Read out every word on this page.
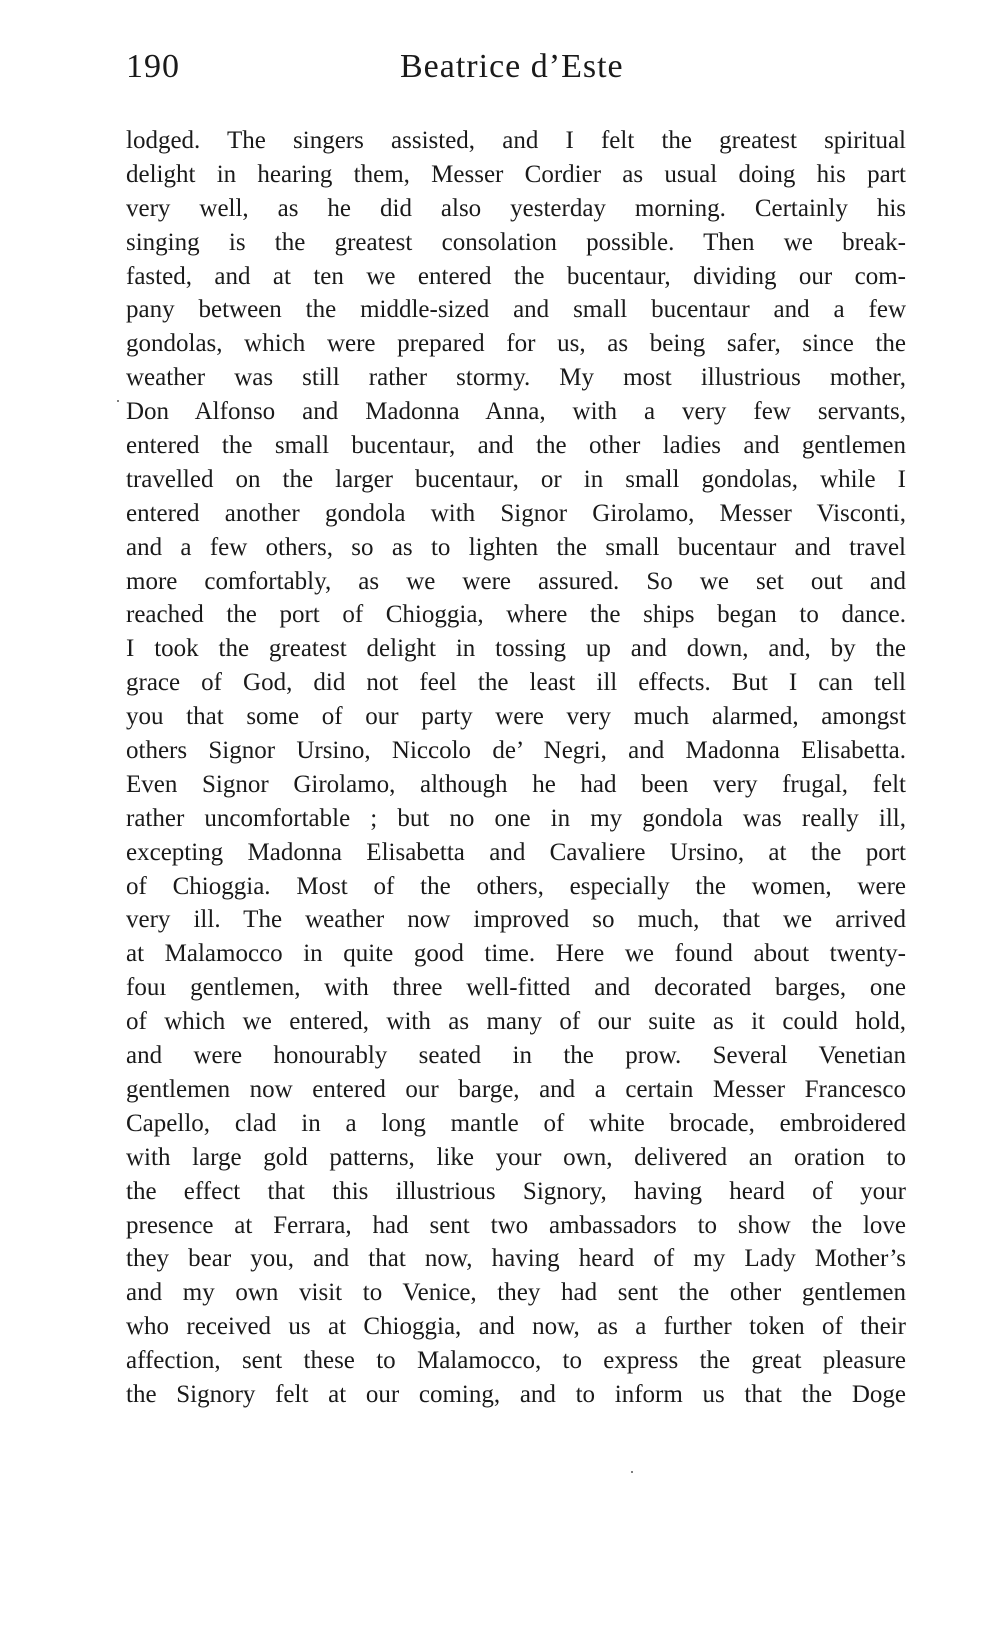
190	Beatrice d’Este
lodged. The singers assisted, and I felt the greatest spiritual
delight in hearing them, Messer Cordier as usual doing his part
very well, as he did also yesterday morning. Certainly his
singing is the greatest consolation possible. Then we break-
fasted, and at ten we entered the bucentaur, dividing our com-
pany between the middle-sized and small bucentaur and a few
gondolas, which were prepared for us, as being safer, since the
weather was still rather stormy. My most illustrious mother,
Don Alfonso and Madonna Anna, with a very few servants,
entered the small bucentaur, and the other ladies and gentlemen
travelled on the larger bucentaur, or in small gondolas, while I
entered another gondola with Signor Girolamo, Messer Visconti,
and a few others, so as to lighten the small bucentaur and travel
more comfortably, as we were assured. So we set out and
reached the port of Chioggia, where the ships began to dance.
I took the greatest delight in tossing up and down, and, by the
grace of God, did not feel the least ill effects. But I can tell
you that some of our party were very much alarmed, amongst
others Signor Ursino, Niccolo de’ Negri, and Madonna Elisabetta.
Even Signor Girolamo, although he had been very frugal, felt
rather uncomfortable ; but no one in my gondola was really ill,
excepting Madonna Elisabetta and Cavaliere Ursino, at the port
of Chioggia. Most of the others, especially the women, were
very ill. The weather now improved so much, that we arrived
at Malamocco in quite good time. Here we found about twenty-
fouı gentlemen, with three well-fitted and decorated barges, one
of which we entered, with as many of our suite as it could hold,
and were honourably seated in the prow. Several Venetian
gentlemen now entered our barge, and a certain Messer Francesco
Capello, clad in a long mantle of white brocade, embroidered
with large gold patterns, like your own, delivered an oration to
the effect that this illustrious Signory, having heard of your
presence at Ferrara, had sent two ambassadors to show the love
they bear you, and that now, having heard of my Lady Mother’s
and my own visit to Venice, they had sent the other gentlemen
who received us at Chioggia, and now, as a further token of their
affection, sent these to Malamocco, to express the great pleasure
the Signory felt at our coming, and to inform us that the Doge
